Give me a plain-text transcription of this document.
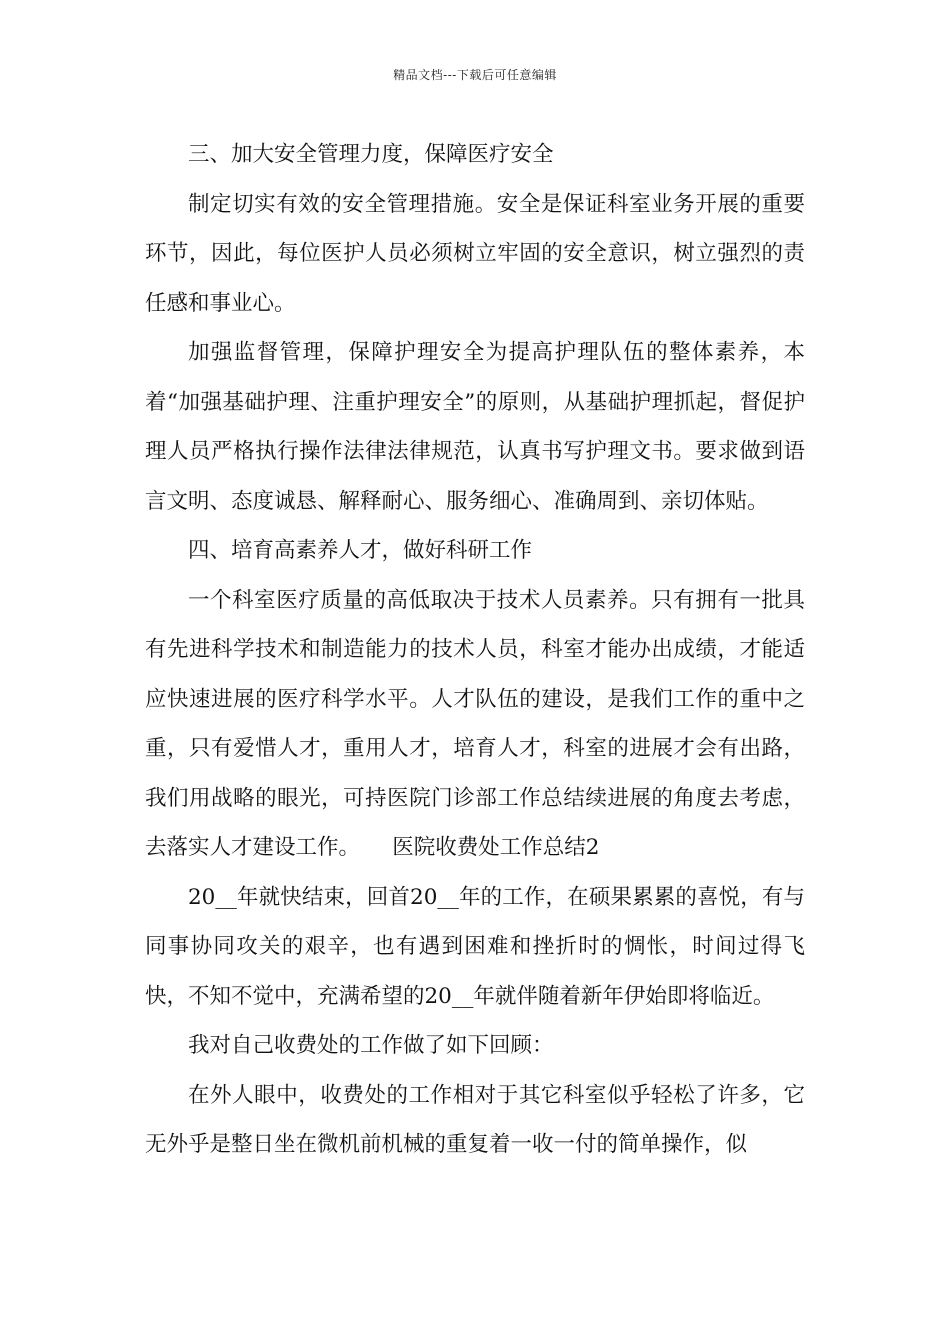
精品文档---下载后可任意编辑

三、加大安全管理力度，保障医疗安全

制定切实有效的安全管理措施。安全是保证科室业务开展的重要环节，因此，每位医护人员必须树立牢固的安全意识，树立强烈的责任感和事业心。

加强监督管理，保障护理安全为提高护理队伍的整体素养，本着“加强基础护理、注重护理安全”的原则，从基础护理抓起，督促护理人员严格执行操作法律法律规范，认真书写护理文书。要求做到语言文明、态度诚恳、解释耐心、服务细心、准确周到、亲切体贴。

四、培育高素养人才，做好科研工作

一个科室医疗质量的高低取决于技术人员素养。只有拥有一批具有先进科学技术和制造能力的技术人员，科室才能办出成绩，才能适应快速进展的医疗科学水平。人才队伍的建设，是我们工作的重中之重，只有爱惜人才，重用人才，培育人才，科室的进展才会有出路，我们用战略的眼光，可持医院门诊部工作总结续进展的角度去考虑，去落实人才建设工作。　　医院收费处工作总结2

20__年就快结束，回首20__年的工作，在硕果累累的喜悦，有与同事协同攻关的艰辛，也有遇到困难和挫折时的惆怅，时间过得飞快，不知不觉中，充满希望的20__年就伴随着新年伊始即将临近。

我对自己收费处的工作做了如下回顾：

在外人眼中，收费处的工作相对于其它科室似乎轻松了许多，它无外乎是整日坐在微机前机械的重复着一收一付的简单操作，似
